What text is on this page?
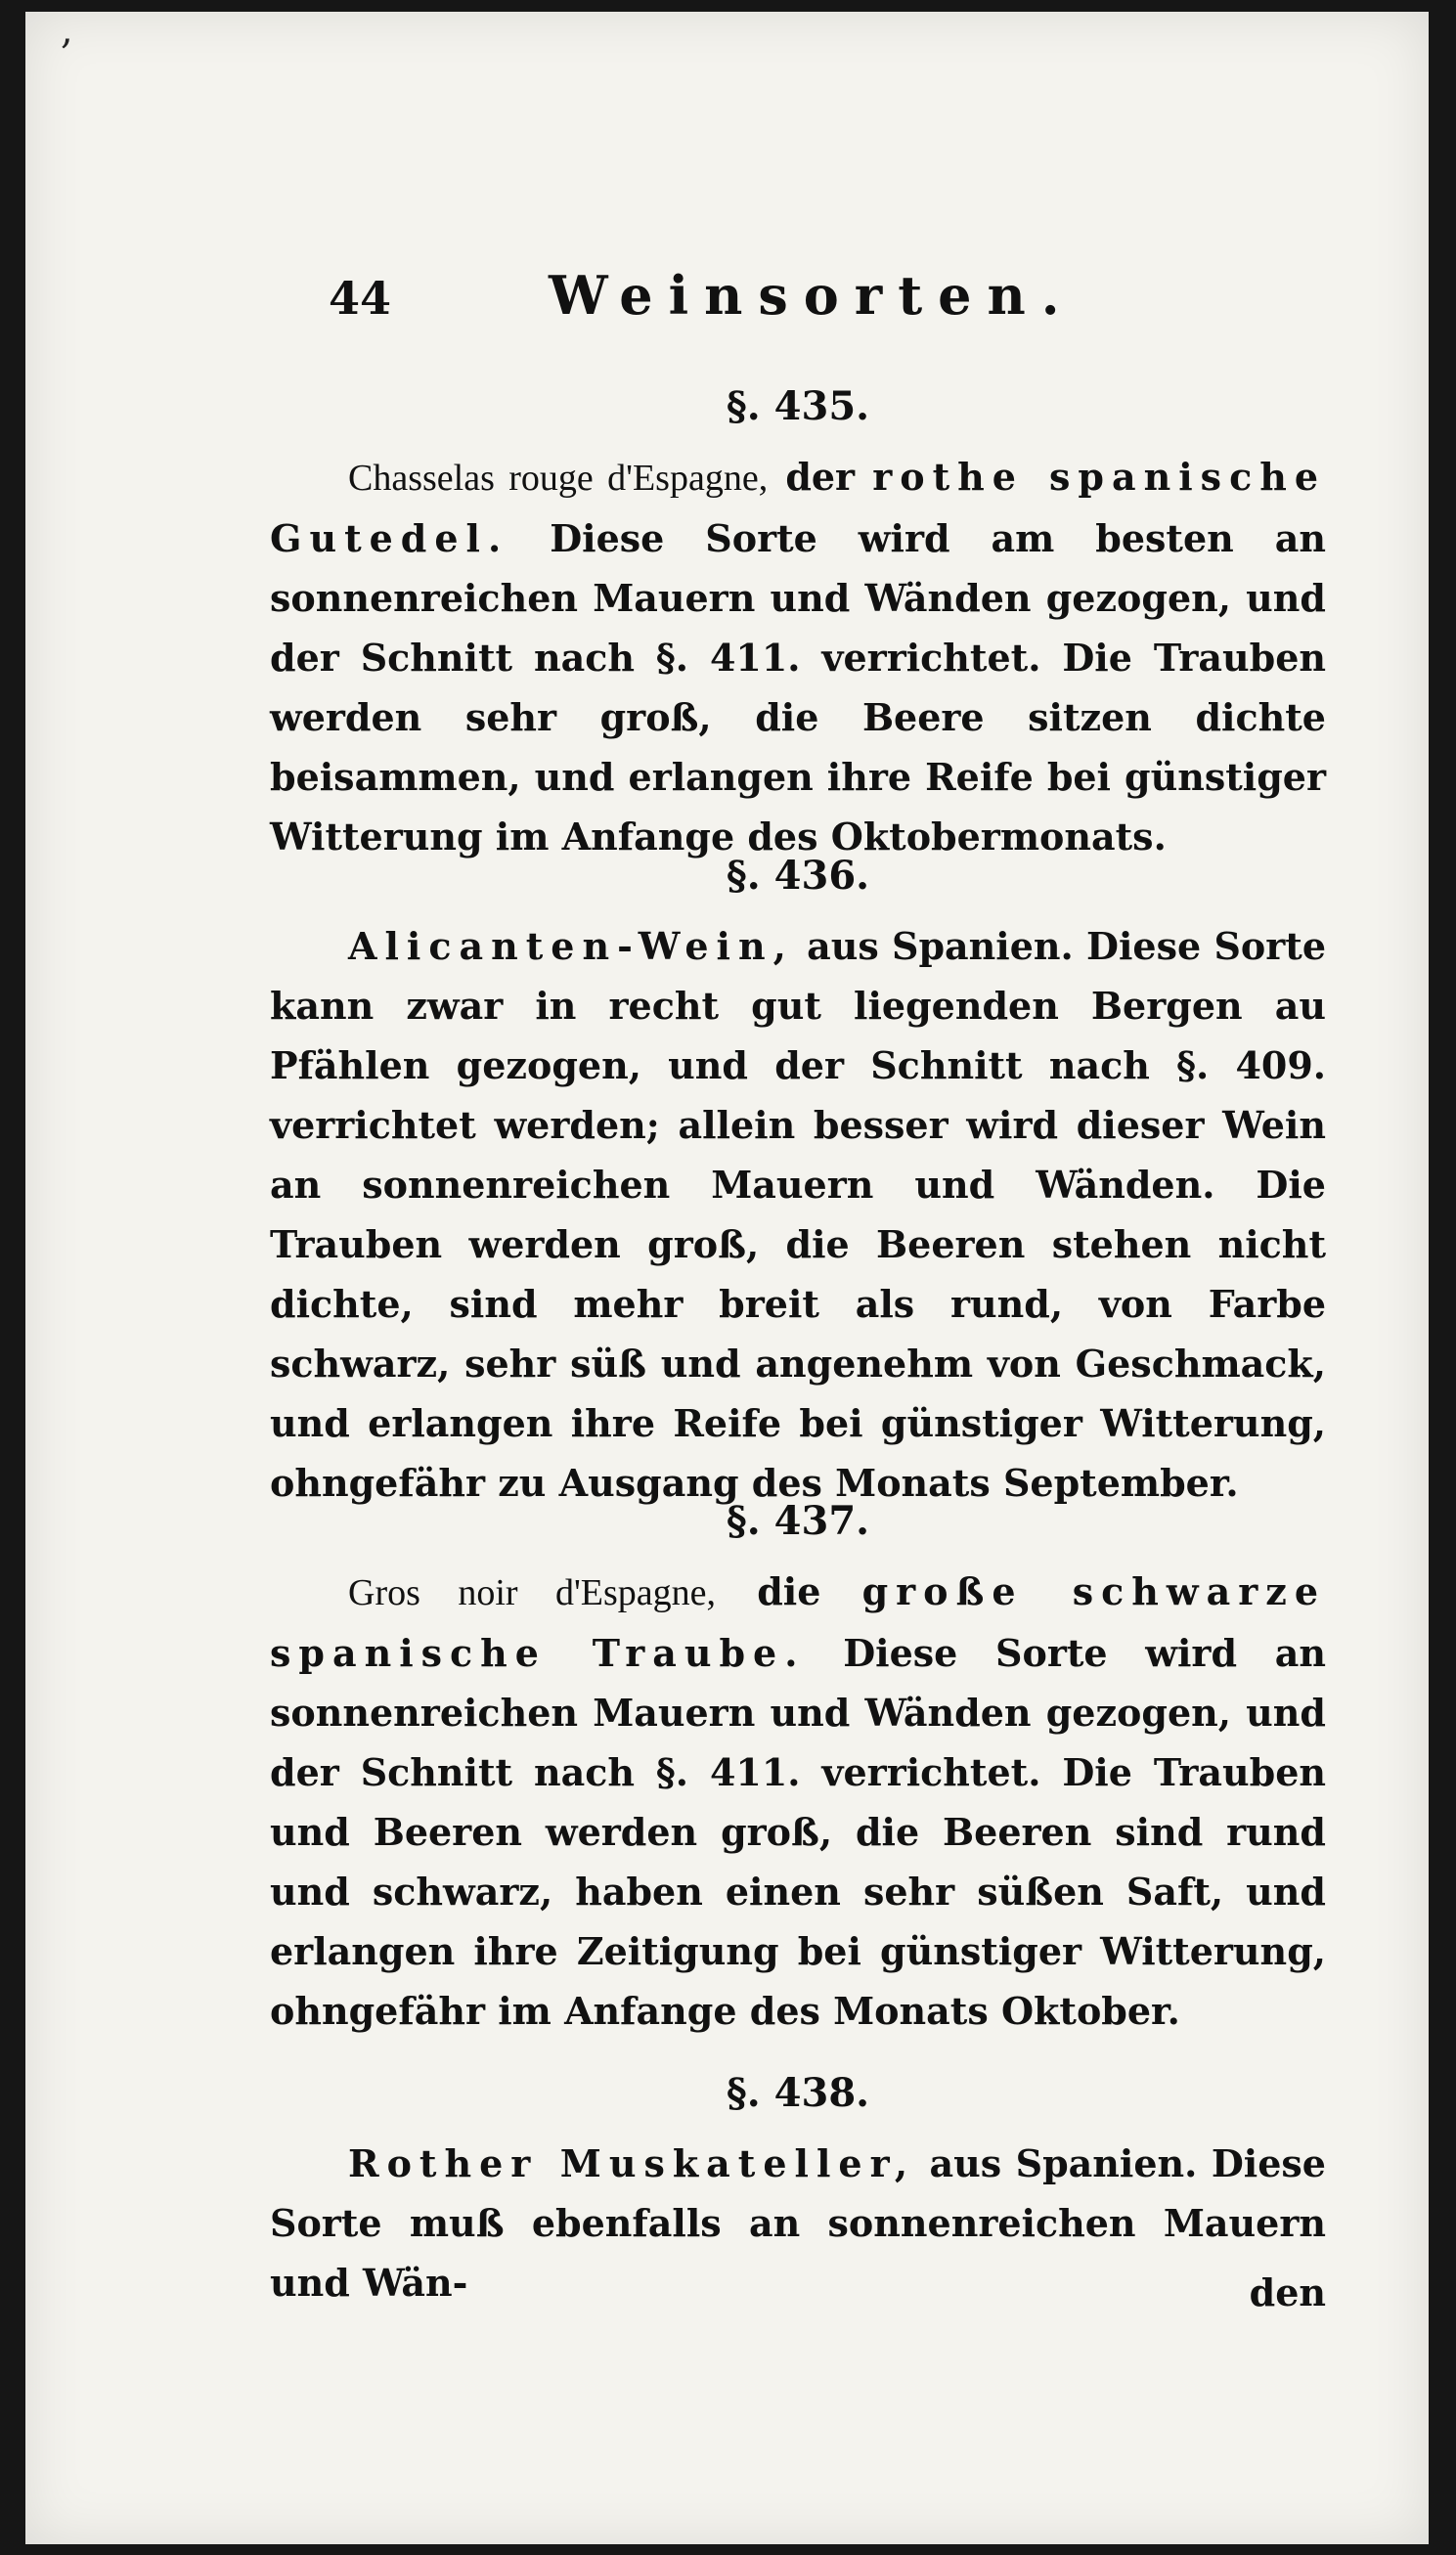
,
44	Weinsorten.
§. 435.

Chasselas rouge d'Espagne, der rothe spanische Gutedel. Diese Sorte wird am besten an sonnenreichen Mauern und Wänden gezogen, und der Schnitt nach §. 411. verrichtet. Die Trauben werden sehr groß, die Beere sitzen dichte beisammen, und erlangen ihre Reife bei günstiger Witterung im Anfange des Oktobermonats.

§. 436.

Alicanten-Wein, aus Spanien. Diese Sorte kann zwar in recht gut liegenden Bergen au Pfählen gezogen, und der Schnitt nach §. 409. verrichtet werden; allein besser wird dieser Wein an sonnenreichen Mauern und Wänden. Die Trauben werden groß, die Beeren stehen nicht dichte, sind mehr breit als rund, von Farbe schwarz, sehr süß und angenehm von Geschmack, und erlangen ihre Reife bei günstiger Witterung, ohngefähr zu Ausgang des Monats September.

§. 437.

Gros noir d'Espagne, die große schwarze spanische Traube. Diese Sorte wird an sonnenreichen Mauern und Wänden gezogen, und der Schnitt nach §. 411. verrichtet. Die Trauben und Beeren werden groß, die Beeren sind rund und schwarz, haben einen sehr süßen Saft, und erlangen ihre Zeitigung bei günstiger Witterung, ohngefähr im Anfange des Monats Oktober.

§. 438.

Rother Muskateller, aus Spanien. Diese Sorte muß ebenfalls an sonnenreichen Mauern und Wän-	den
